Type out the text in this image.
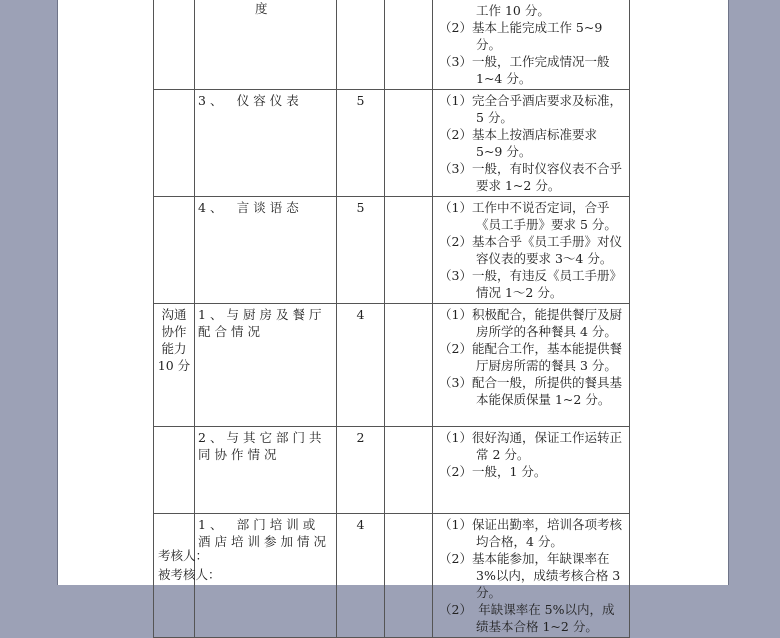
	度			工作 10 分。
（2）基本上能完成工作 5~9 分。
（3）一般，工作完成情况一般 1~4 分。

	3、　仪容仪表	5		（1）完全合乎酒店要求及标准，5 分。
（2）基本上按酒店标准要求 5~9 分。
（3）一般，有时仪容仪表不合乎要求 1~2 分。

	4、　言谈语态	5		（1）工作中不说否定词，合乎《员工手册》要求 5 分。
（2）基本合乎《员工手册》对仪容仪表的要求 3～4 分。
（3）一般，有违反《员工手册》情况 1～2 分。

沟通协作能力10 分	1、与厨房及餐厅配合情况	4		（1）积极配合，能提供餐厅及厨房所学的各种餐具 4 分。
（2）能配合工作，基本能提供餐厅厨房所需的餐具 3 分。
（3）配合一般，所提供的餐具基本能保质保量 1~2 分。

	2、与其它部门共同协作情况	2		（1）很好沟通，保证工作运转正常 2 分。
（2）一般，1 分。

	1、　部门培训或酒店培训参加情况	4		（1）保证出勤率，培训各项考核均合格，4 分。
（2）基本能参加，年缺课率在 3%以内，成绩考核合格 3 分。
（2）　年缺课率在 5%以内，成绩基本合格 1~2 分。
考核人：
被考核人：
